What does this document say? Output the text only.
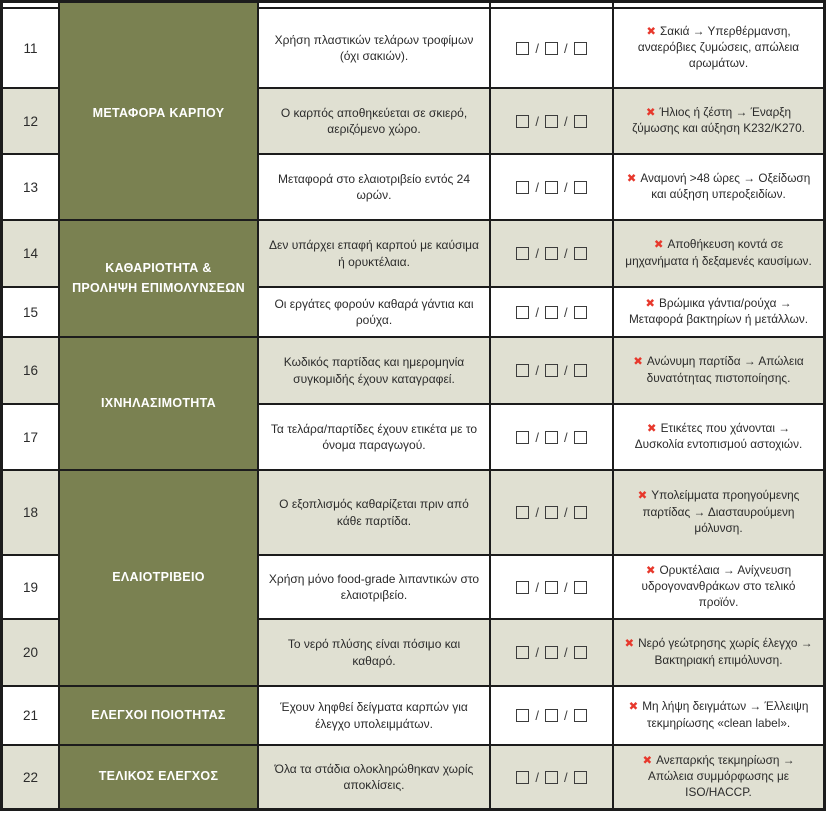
ΜΕΤΑΦΟΡΑ ΚΑΡΠΟΥ
ΚΑΘΑΡΙΟΤΗΤΑ & ΠΡΟΛΗΨΗ ΕΠΙΜΟΛΥΝΣΕΩΝ
ΙΧΝΗΛΑΣΙΜΟΤΗΤΑ
ΕΛΑΙΟΤΡΙΒΕΙΟ
ΕΛΕΓΧΟΙ ΠΟΙΟΤΗΤΑΣ
ΤΕΛΙΚΟΣ ΕΛΕΓΧΟΣ
11
Χρήση πλαστικών τελάρων τροφίμων (όχι σακιών).
/ /
✖ Σακιά → Υπερθέρμανση, αναερόβιες ζυμώσεις, απώλεια αρωμάτων.
12
Ο καρπός αποθηκεύεται σε σκιερό, αεριζόμενο χώρο.
/ /
✖ Ήλιος ή ζέστη → Έναρξη ζύμωσης και αύξηση Κ232/Κ270.
13
Μεταφορά στο ελαιοτριβείο εντός 24 ωρών.
/ /
✖ Αναμονή >48 ώρες → Οξείδωση και αύξηση υπεροξειδίων.
14
Δεν υπάρχει επαφή καρπού με καύσιμα ή ορυκτέλαια.
/ /
✖ Αποθήκευση κοντά σε μηχανήματα ή δεξαμενές καυσίμων.
15
Οι εργάτες φορούν καθαρά γάντια και ρούχα.
/ /
✖ Βρώμικα γάντια/ρούχα → Μεταφορά βακτηρίων ή μετάλλων.
16
Κωδικός παρτίδας και ημερομηνία συγκομιδής έχουν καταγραφεί.
/ /
✖ Ανώνυμη παρτίδα → Απώλεια δυνατότητας πιστοποίησης.
17
Τα τελάρα/παρτίδες έχουν ετικέτα με το όνομα παραγωγού.
/ /
✖ Ετικέτες που χάνονται → Δυσκολία εντοπισμού αστοχιών.
18
Ο εξοπλισμός καθαρίζεται πριν από κάθε παρτίδα.
/ /
✖ Υπολείμματα προηγούμενης παρτίδας → Διασταυρούμενη μόλυνση.
19
Χρήση μόνο food-grade λιπαντικών στο ελαιοτριβείο.
/ /
✖ Ορυκτέλαια → Ανίχνευση υδρογονανθράκων στο τελικό προϊόν.
20
Το νερό πλύσης είναι πόσιμο και καθαρό.
/ /
✖ Νερό γεώτρησης χωρίς έλεγχο → Βακτηριακή επιμόλυνση.
21
Έχουν ληφθεί δείγματα καρπών για έλεγχο υπολειμμάτων.
/ /
✖ Μη λήψη δειγμάτων → Έλλειψη τεκμηρίωσης «clean label».
22
Όλα τα στάδια ολοκληρώθηκαν χωρίς αποκλίσεις.
/ /
✖ Ανεπαρκής τεκμηρίωση → Απώλεια συμμόρφωσης με ISO/HACCP.
